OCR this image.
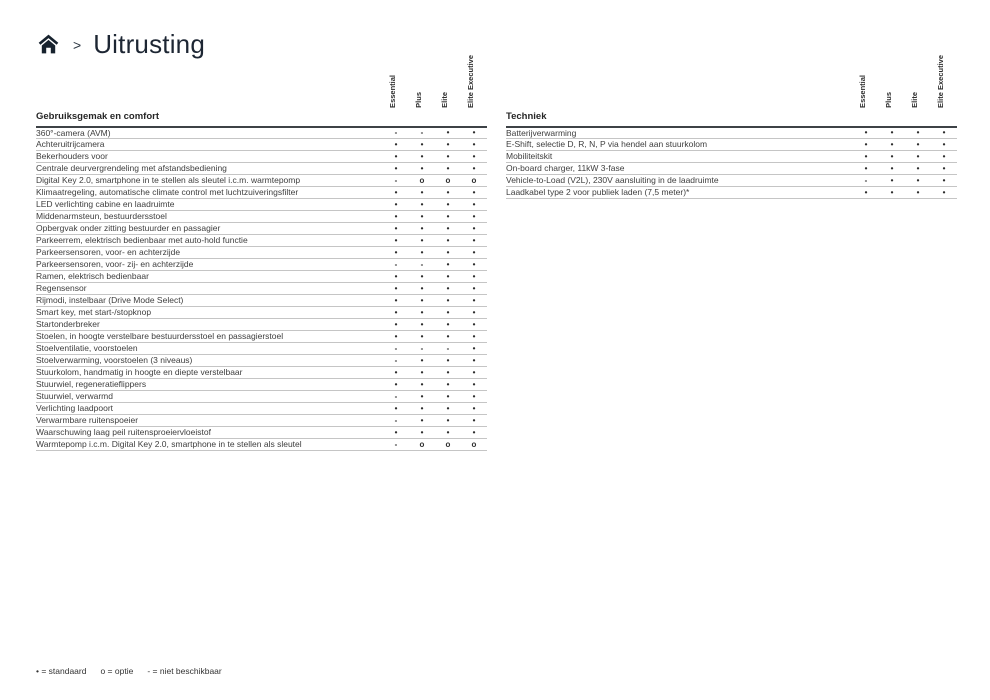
> Uitrusting
Essential Plus Elite Elite Executive
Gebruiksgemak en comfort
360°-camera (AVM)	-	-	•	•
Achteruitrijcamera	•	•	•	•
Bekerhouders voor	•	•	•	•
Centrale deurvergrendeling met afstandsbediening	•	•	•	•
Digital Key 2.0, smartphone in te stellen als sleutel i.c.m. warmtepomp	-	o	o	o
Klimaatregeling, automatische climate control met luchtzuiveringsfilter	•	•	•	•
LED verlichting cabine en laadruimte	•	•	•	•
Middenarmsteun, bestuurdersstoel	•	•	•	•
Opbergvak onder zitting bestuurder en passagier	•	•	•	•
Parkeerrem, elektrisch bedienbaar met auto-hold functie	•	•	•	•
Parkeersensoren, voor- en achterzijde	•	•	•	•
Parkeersensoren, voor- zij- en achterzijde	-	-	•	•
Ramen, elektrisch bedienbaar	•	•	•	•
Regensensor	•	•	•	•
Rijmodi, instelbaar (Drive Mode Select)	•	•	•	•
Smart key, met start-/stopknop	•	•	•	•
Startonderbreker	•	•	•	•
Stoelen, in hoogte verstelbare bestuurdersstoel en passagierstoel	•	•	•	•
Stoelventilatie, voorstoelen	-	-	-	•
Stoelverwarming, voorstoelen (3 niveaus)	-	•	•	•
Stuurkolom, handmatig in hoogte en diepte verstelbaar	•	•	•	•
Stuurwiel, regeneratieflippers	•	•	•	•
Stuurwiel, verwarmd	-	•	•	•
Verlichting laadpoort	•	•	•	•
Verwarmbare ruitenspoeier	-	•	•	•
Waarschuwing laag peil ruitensproeiervloeistof	•	•	•	•
Warmtepomp i.c.m. Digital Key 2.0, smartphone in te stellen als sleutel	-	o	o	o
Essential Plus Elite Elite Executive
Techniek
Batterijverwarming	•	•	•	•
E-Shift, selectie D, R, N, P via hendel aan stuurkolom	•	•	•	•
Mobiliteitskit	•	•	•	•
On-board charger, 11kW 3-fase	•	•	•	•
Vehicle-to-Load (V2L), 230V aansluiting in de laadruimte	-	•	•	•
Laadkabel type 2 voor publiek laden (7,5 meter)*	•	•	•	•
• = standaard o = optie - = niet beschikbaar
